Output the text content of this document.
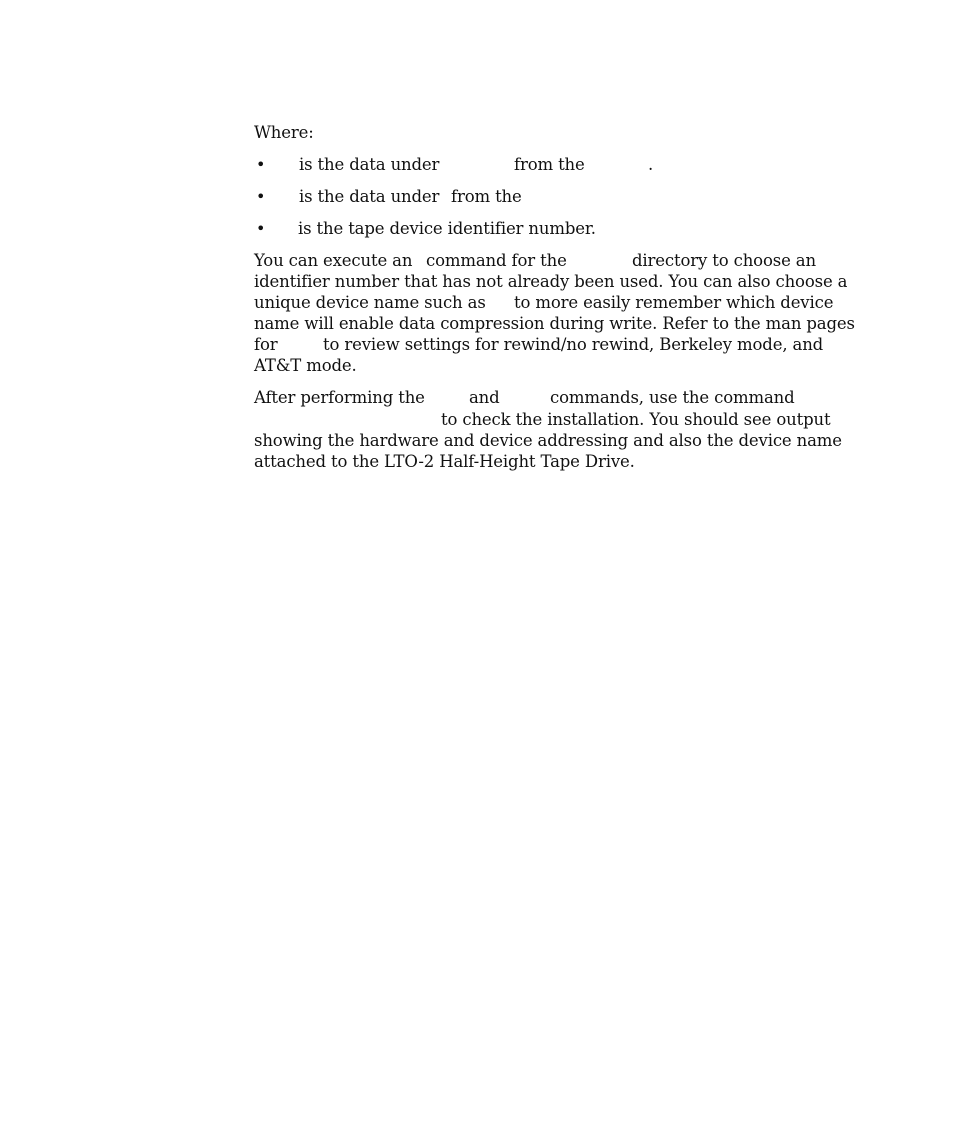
Where:

• is the data under	from the	.
• is the data under from the
• is the tape device identifier number.
You can execute an command for the	directory to choose an
identifier number that has not already been used. You can also choose a
unique device name such as to more easily remember which device
name will enable data compression during write. Refer to the man pages
for	to review settings for rewind/no rewind, Berkeley mode, and
AT&T mode.
After performing the	and	commands, use the command
to check the installation. You should see output
showing the hardware and device addressing and also the device name
attached to the LTO-2 Half-Height Tape Drive.
